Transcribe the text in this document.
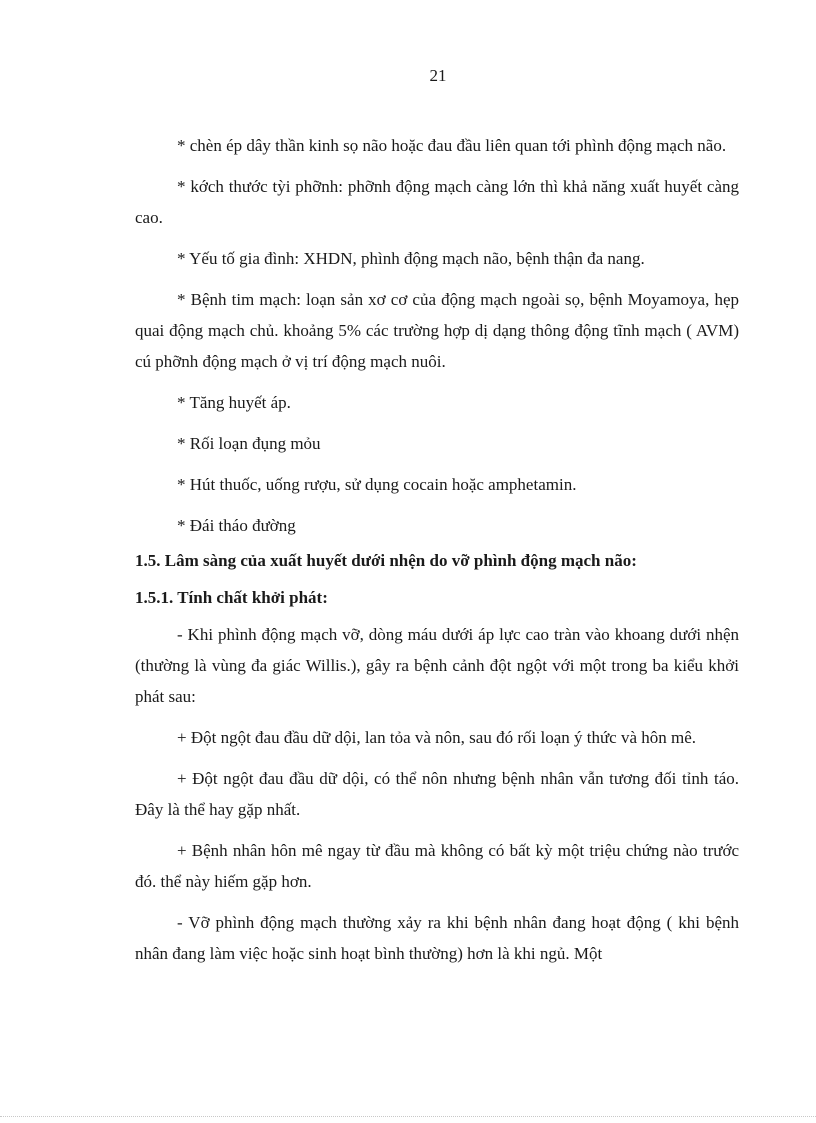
21

* chèn ép dây thần kinh sọ não hoặc đau đầu liên quan tới phình động mạch não.

* kớch thước tỳi phỡnh: phỡnh động mạch càng lớn thì khả năng xuất huyết càng cao.

* Yếu tố gia đình: XHDN, phình động mạch não, bệnh thận đa nang.

* Bệnh tim mạch: loạn sản xơ cơ của động mạch ngoài sọ, bệnh Moyamoya, hẹp quai động mạch chủ. khoảng 5% các trường hợp dị dạng thông động tĩnh mạch ( AVM) cú phỡnh động mạch ở vị trí động mạch nuôi.

* Tăng huyết áp.

* Rối loạn đụng mỏu

* Hút thuốc, uống rượu, sử dụng cocain hoặc amphetamin.

* Đái tháo đường

1.5. Lâm sàng của xuất huyết dưới nhện do vỡ phình động mạch não:

1.5.1. Tính chất khởi phát:

- Khi phình động mạch vỡ, dòng máu dưới áp lực cao tràn vào khoang dưới nhện (thường là vùng đa giác Willis.), gây ra bệnh cảnh đột ngột với một trong ba kiểu khởi phát sau:

+ Đột ngột đau đầu dữ dội, lan tỏa và nôn, sau đó rối loạn ý thức và hôn mê.

+ Đột ngột đau đầu dữ dội, có thể nôn nhưng bệnh nhân vẫn tương đối tỉnh táo. Đây là thể hay gặp nhất.

+ Bệnh nhân hôn mê ngay từ đầu mà không có bất kỳ một triệu chứng nào trước đó. thể này hiếm gặp hơn.

- Vỡ phình động mạch thường xảy ra khi bệnh nhân đang hoạt động ( khi bệnh nhân đang làm việc hoặc sinh hoạt bình thường) hơn là khi ngủ. Một
